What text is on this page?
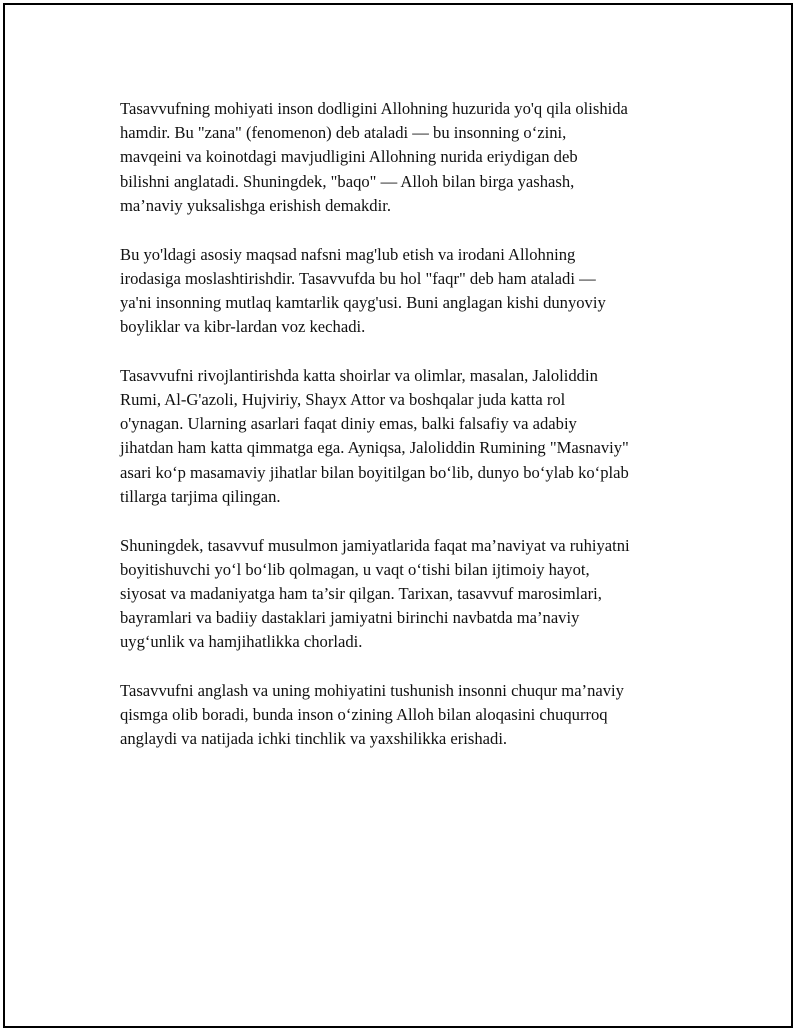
Tasavvufning mohiyati inson dodligini Allohning huzurida yo'q qila olishida
hamdir. Bu "zana" (fenomenon) deb ataladi — bu insonning o‘zini,
mavqeini va koinotdagi mavjudligini Allohning nurida eriydigan deb
bilishni anglatadi. Shuningdek, "baqo" — Alloh bilan birga yashash,
ma’naviy yuksalishga erishish demakdir.

Bu yo'ldagi asosiy maqsad nafsni mag'lub etish va irodani Allohning
irodasiga moslashtirishdir. Tasavvufda bu hol "faqr" deb ham ataladi —
ya'ni insonning mutlaq kamtarlik qayg'usi. Buni anglagan kishi dunyoviy
boyliklar va kibr-lardan voz kechadi.

Tasavvufni rivojlantirishda katta shoirlar va olimlar, masalan, Jaloliddin
Rumi, Al-G'azoli, Hujviriy, Shayx Attor va boshqalar juda katta rol
o'ynagan. Ularning asarlari faqat diniy emas, balki falsafiy va adabiy
jihatdan ham katta qimmatga ega. Ayniqsa, Jaloliddin Rumining "Masnaviy"
asari ko‘p masamaviy jihatlar bilan boyitilgan bo‘lib, dunyo bo‘ylab ko‘plab
tillarga tarjima qilingan.

Shuningdek, tasavvuf musulmon jamiyatlarida faqat ma’naviyat va ruhiyatni
boyitishuvchi yo‘l bo‘lib qolmagan, u vaqt o‘tishi bilan ijtimoiy hayot,
siyosat va madaniyatga ham ta’sir qilgan. Tarixan, tasavvuf marosimlari,
bayramlari va badiiy dastaklari jamiyatni birinchi navbatda ma’naviy
uyg‘unlik va hamjihatlikka chorladi.

Tasavvufni anglash va uning mohiyatini tushunish insonni chuqur ma’naviy
qismga olib boradi, bunda inson o‘zining Alloh bilan aloqasini chuqurroq
anglaydi va natijada ichki tinchlik va yaxshilikka erishadi.
